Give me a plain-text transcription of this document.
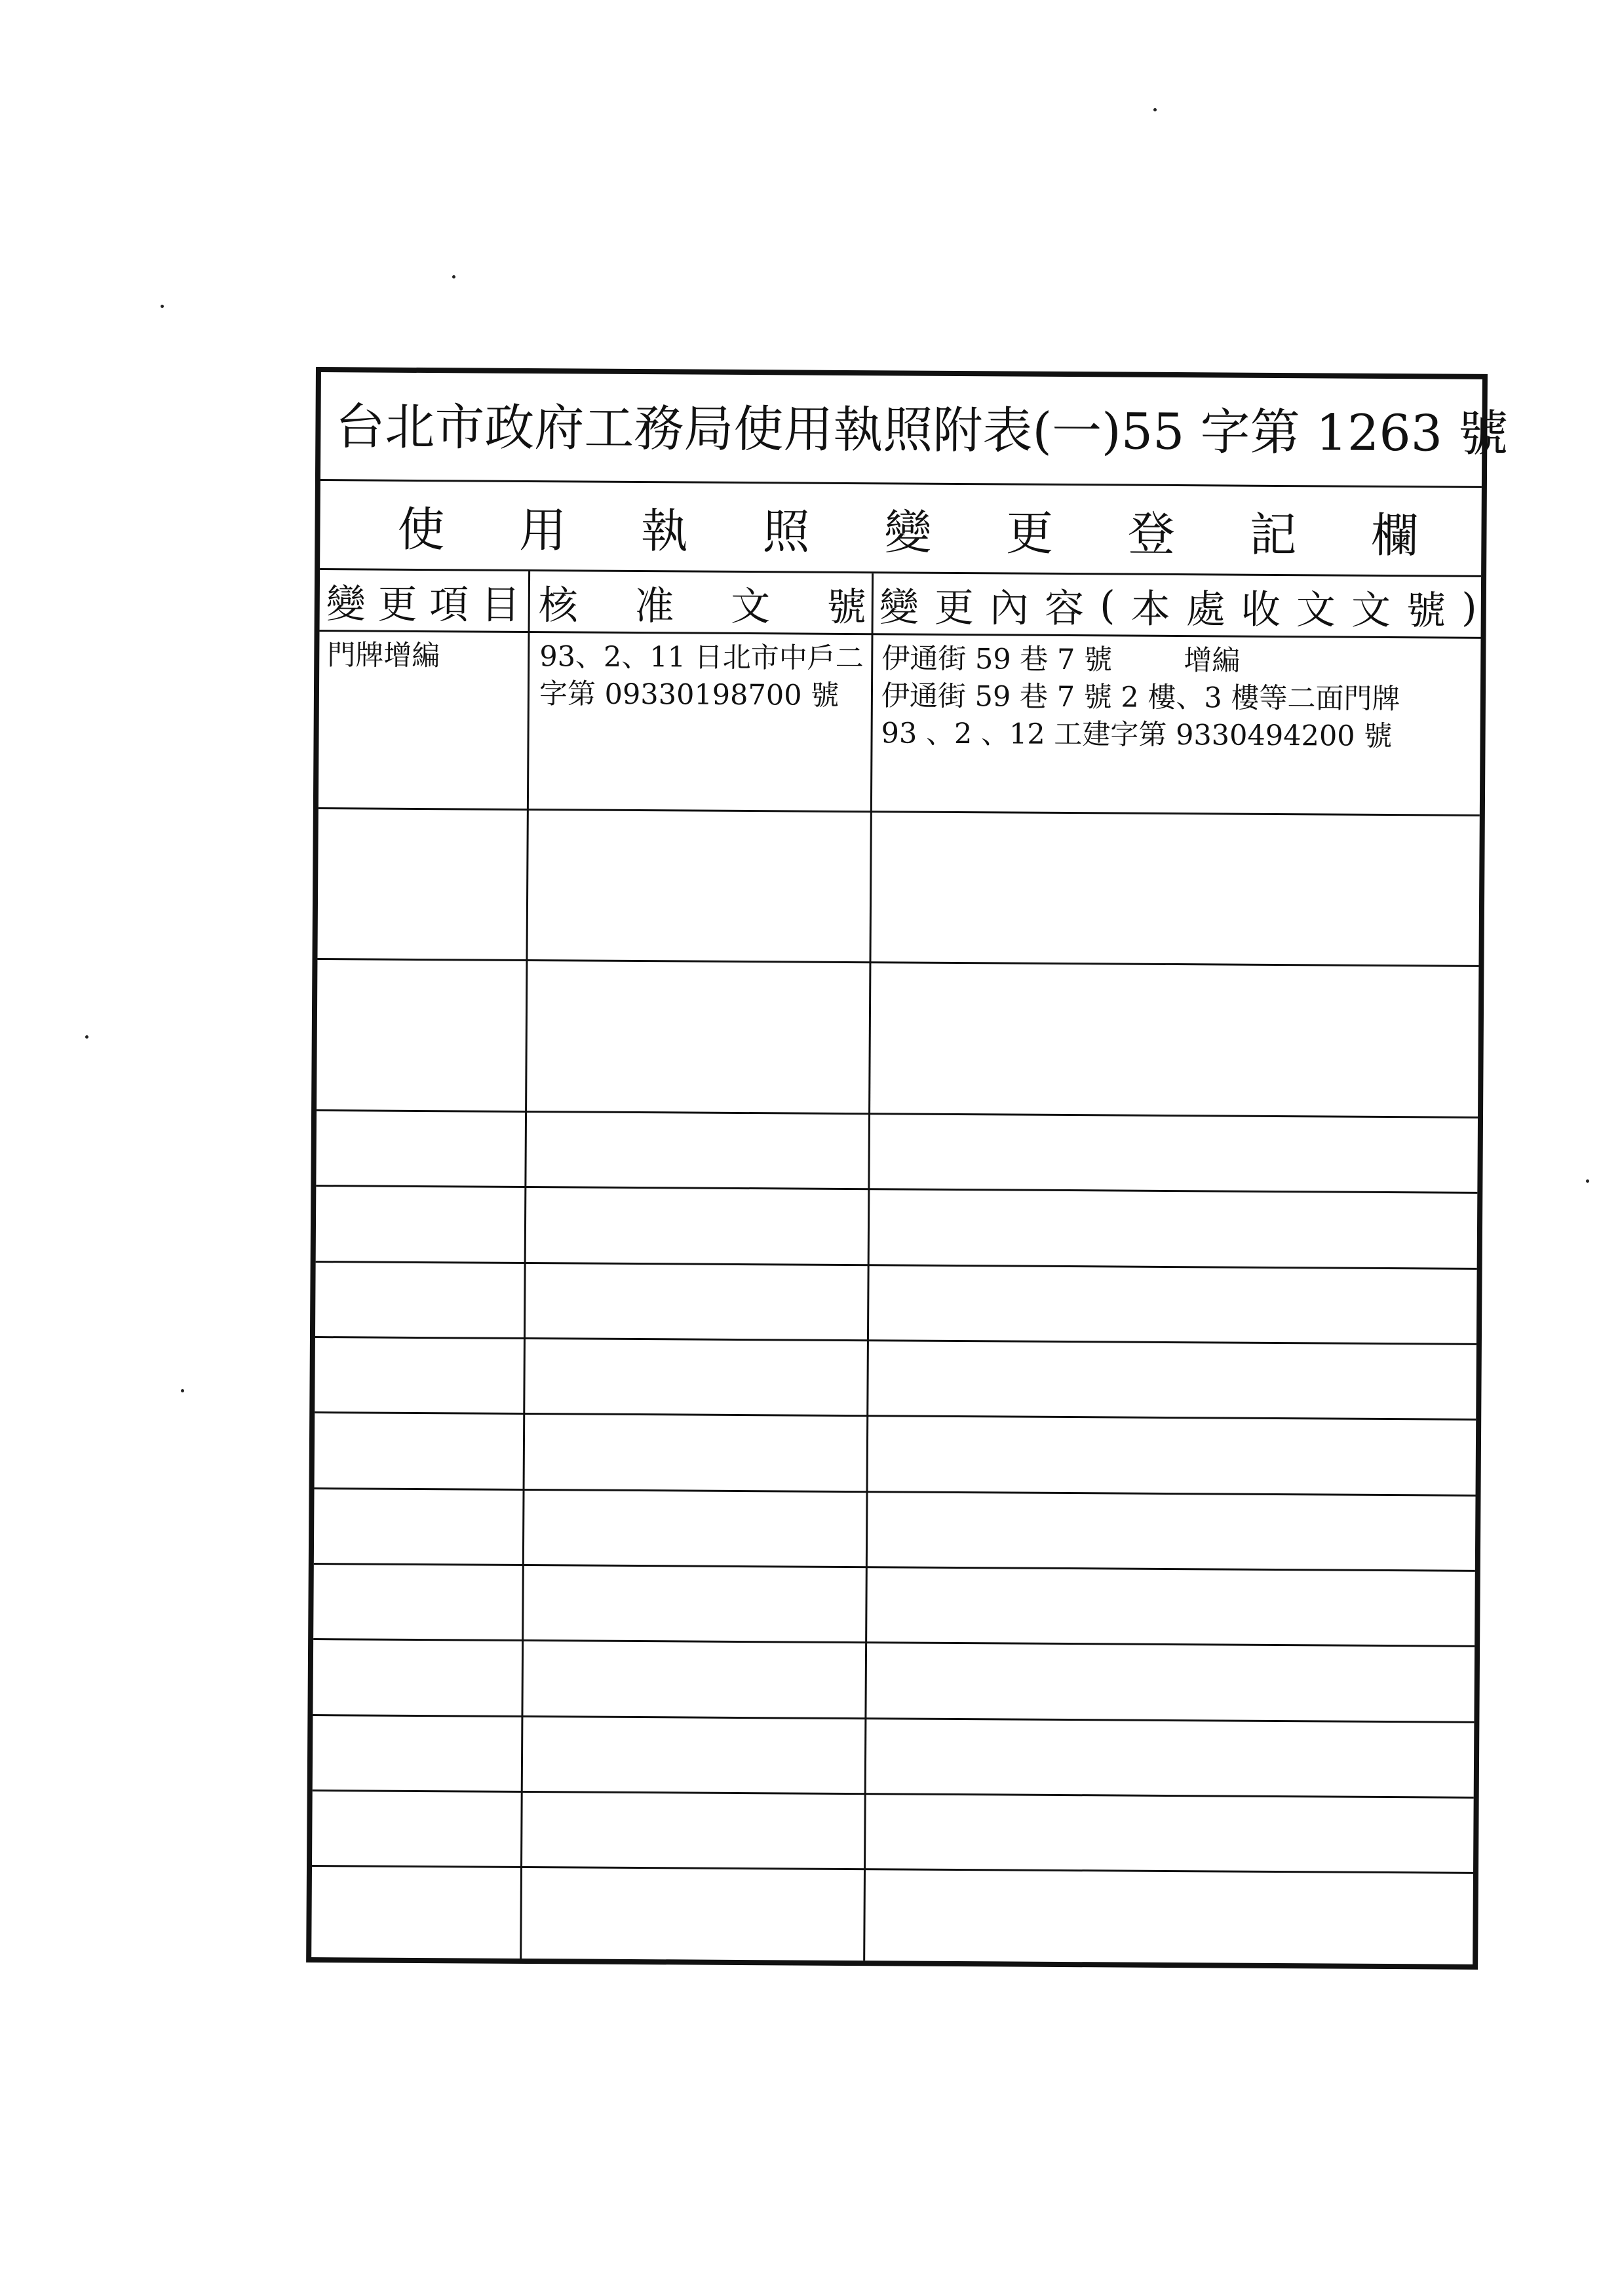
台北市政府工務局使用執照附表(一)55 字第 1263 號
使 用 執 照 變 更 登 記 欄
變 更 項 目 核 准 文 號 變 更 內 容 ( 本 處 收 文 文 號 )
門牌增編	93、2、11 日北市中戶二
字第 09330198700 號
伊通街 59 巷 7 號        增編
伊通街 59 巷 7 號 2 樓、3 樓等二面門牌
93 、2 、12 工建字第 9330494200 號
